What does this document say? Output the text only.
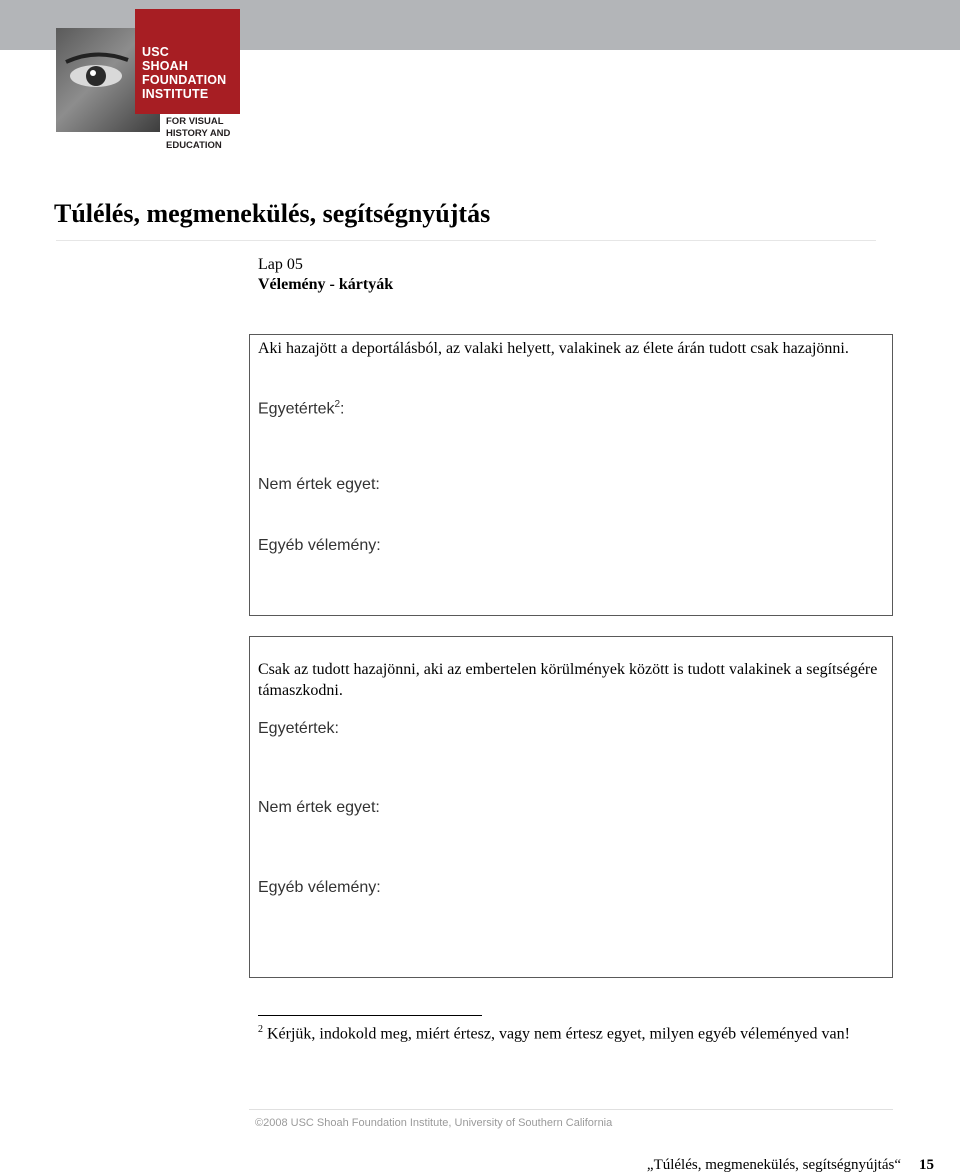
USC
SHOAH
FOUNDATION
INSTITUTE
FOR VISUAL
HISTORY AND
EDUCATION
Túlélés, megmenekülés, segítségnyújtás
Lap 05
Vélemény - kártyák
Aki hazajött a deportálásból, az valaki helyett, valakinek az élete árán tudott csak hazajönni.
Egyetértek$^2$:
Nem értek egyet:
Egyéb vélemény:
Csak az tudott hazajönni, aki az embertelen körülmények között is tudott valakinek a segítségére támaszkodni.
Egyetértek:
Nem értek egyet:
Egyéb vélemény:
$^2$ Kérjük, indokold meg, miért értesz, vagy nem értesz egyet, milyen egyéb véleményed van!
©2008 USC Shoah Foundation Institute, University of Southern California
„Túlélés, megmenekülés, segítségnyújtás“ 15
